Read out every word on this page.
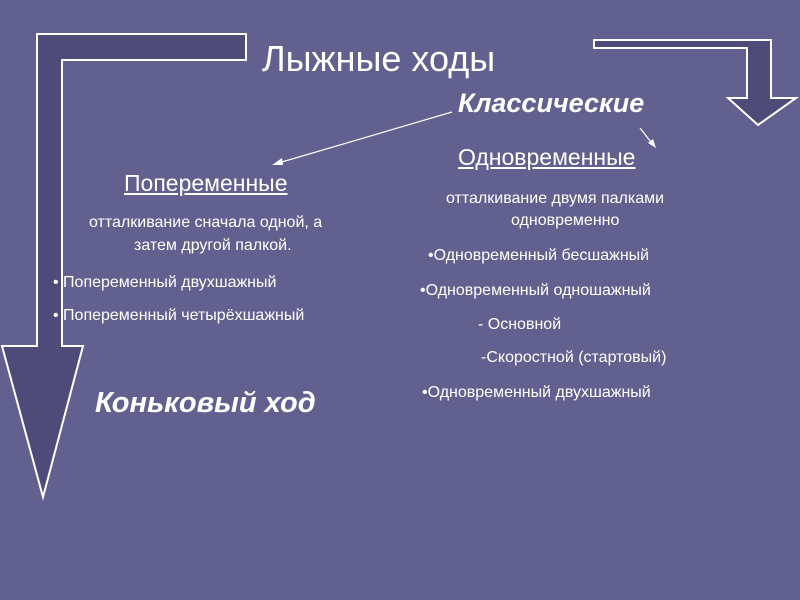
Лыжные ходы
Классические
Одновременные
отталкивание двумя палками
одновременно
•Одновременный бесшажный
•Одновременный одношажный
- Основной
-Скоростной (стартовый)
•Одновременный двухшажный
Попеременные
отталкивание сначала одной, а
затем другой палкой.
• Попеременный двухшажный
• Попеременный четырёхшажный
Коньковый ход
